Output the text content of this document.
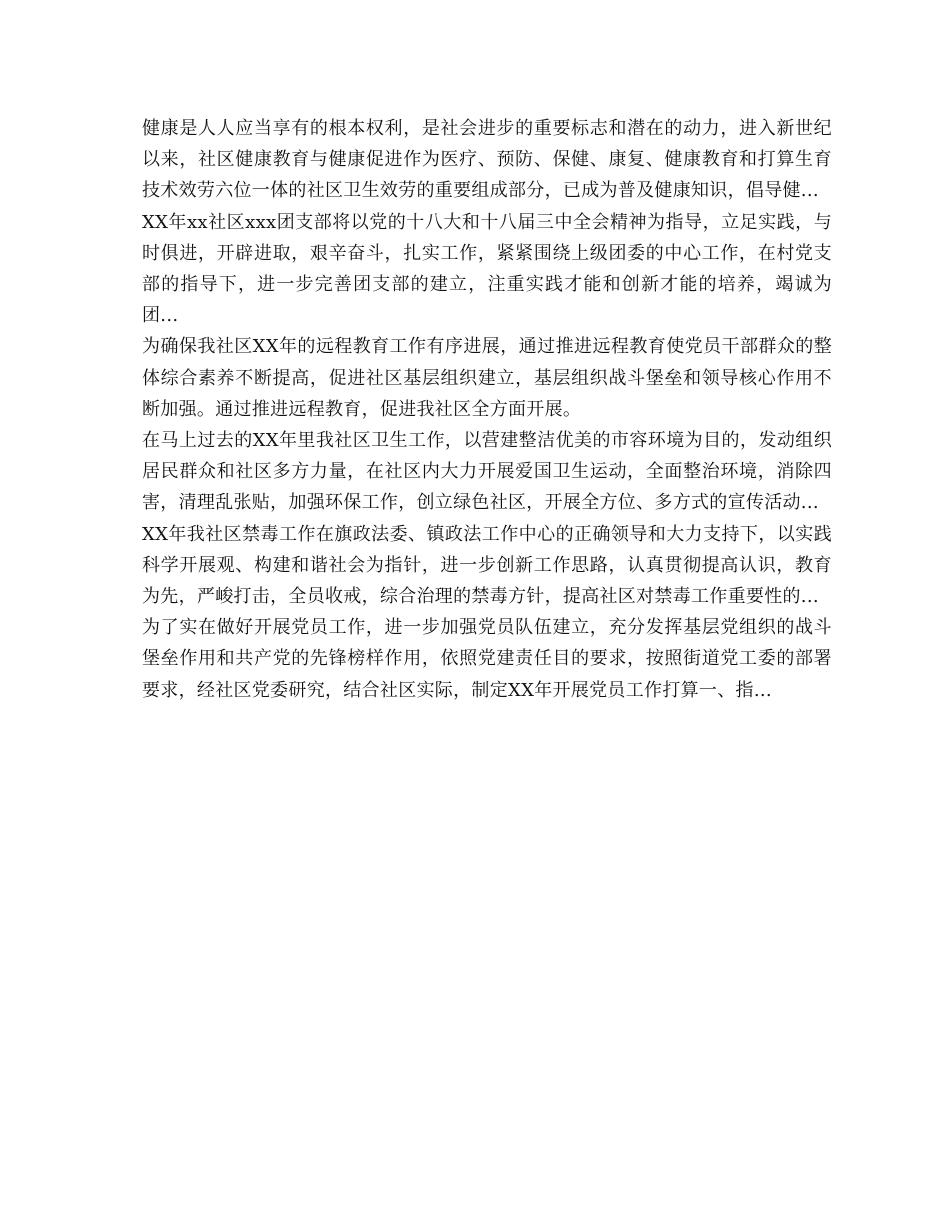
健康是人人应当享有的根本权利，是社会进步的重要标志和潜在的动力，进入新世纪以来，社区健康教育与健康促进作为医疗、预防、保健、康复、健康教育和打算生育技术效劳六位一体的社区卫生效劳的重要组成部分，已成为普及健康知识，倡导健...

XX年xx社区xxx团支部将以党的十八大和十八届三中全会精神为指导，立足实践，与时俱进，开辟进取，艰辛奋斗，扎实工作，紧紧围绕上级团委的中心工作，在村党支部的指导下，进一步完善团支部的建立，注重实践才能和创新才能的培养，竭诚为团...

为确保我社区XX年的远程教育工作有序进展，通过推进远程教育使党员干部群众的整体综合素养不断提高，促进社区基层组织建立，基层组织战斗堡垒和领导核心作用不断加强。通过推进远程教育，促进我社区全方面开展。

在马上过去的XX年里我社区卫生工作，以营建整洁优美的市容环境为目的，发动组织居民群众和社区多方力量，在社区内大力开展爱国卫生运动，全面整治环境，消除四害，清理乱张贴，加强环保工作，创立绿色社区，开展全方位、多方式的宣传活动...

XX年我社区禁毒工作在旗政法委、镇政法工作中心的正确领导和大力支持下，以实践科学开展观、构建和谐社会为指针，进一步创新工作思路，认真贯彻提高认识，教育为先，严峻打击，全员收戒，综合治理的禁毒方针，提高社区对禁毒工作重要性的...

为了实在做好开展党员工作，进一步加强党员队伍建立，充分发挥基层党组织的战斗堡垒作用和共产党的先锋榜样作用，依照党建责任目的要求，按照街道党工委的部署要求，经社区党委研究，结合社区实际，制定XX年开展党员工作打算一、指...
